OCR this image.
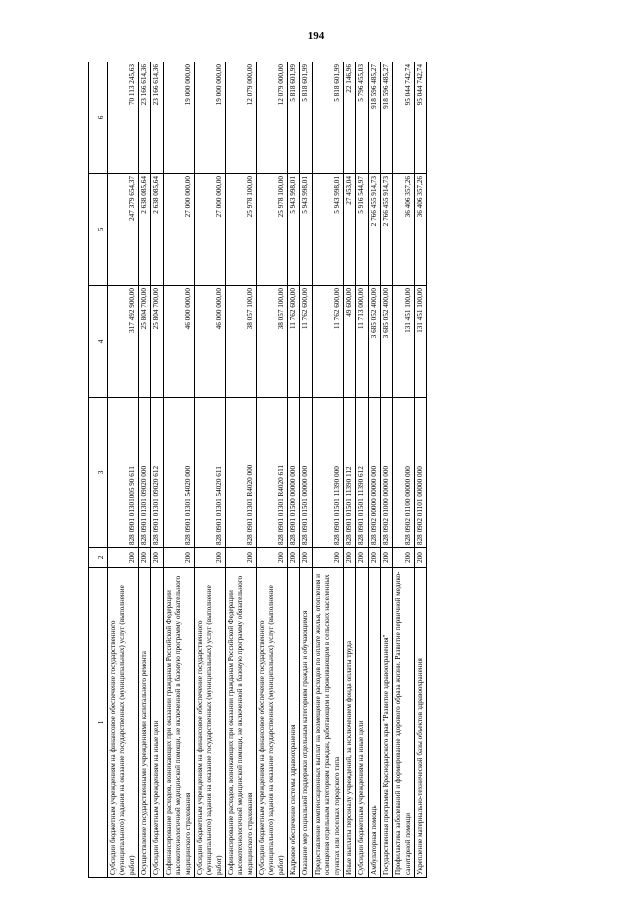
194
1	2	3	4	5	6
Субсидии бюджетным учреждениям на финансовое обеспечение государственного (муниципального) задания на оказание государственных (муниципальных) услуг (выполнение работ)	200	828 0901 01301005 90 611	317 492 900,00	247 379 654,37	70 113 245,63
Осуществление государственными учреждениями капитального ремонта	200	828 0901 01301 09020 000	25 804 700,00	2 638 085,64	23 166 614,36
Субсидии бюджетным учреждениям на иные цели	200	828 0901 01301 09020 612	25 804 700,00	2 638 085,64	23 166 614,36
Софинансирование расходов, возникающих при оказании гражданам Российской Федерации высокотехнологичной медицинской помощи, не включенной в базовую программу обязательного медицинского страхования	200	828 0901 01301 54020 000	46 000 000,00	27 000 000,00	19 000 000,00
Субсидии бюджетным учреждениям на финансовое обеспечение государственного (муниципального) задания на оказание государственных (муниципальных) услуг (выполнение работ)	200	828 0901 01301 54020 611	46 000 000,00	27 000 000,00	19 000 000,00
Софинансирование расходов, возникающих при оказании гражданам Российской Федерации высокотехнологичной медицинской помощи, не включенной в базовую программу обязательного медицинского страхования	200	828 0901 01301 R4020 000	38 057 100,00	25 978 100,00	12 079 000,00
Субсидии бюджетным учреждениям на финансовое обеспечение государственного (муниципального) задания на оказание государственных (муниципальных) услуг (выполнение работ)	200	828 0901 01301 R4020 611	38 057 100,00	25 978 100,00	12 079 000,00
Кадровое обеспечение системы здравоохранения	200	828 0901 01500 00000 000	11 762 600,00	5 943 998,01	5 818 601,99
Оказание мер социальной поддержки отдельным категориям граждан и обучающимся	200	828 0901 01501 00000 000	11 762 600,00	5 943 998,01	5 818 601,99
Предоставление компенсационных выплат на возмещение расходов по оплате жилья, отопления и освещения отдельным категориям граждан, работающим и проживающим в сельских населенных пунктах или поселках городского типа	200	828 0901 01501 11390 000	11 762 600,00	5 943 998,01	5 818 601,99
Иные выплаты персоналу учреждений, за исключением фонда оплаты труда	200	828 0901 01501 11390 112	49 600,00	27 453,04	22 146,96
Субсидии бюджетным учреждениям на иные цели	200	828 0901 01501 11390 612	11 713 000,00	5 916 544,97	5 796 455,03
Амбулаторная помощь	200	828 0902 00000 00000 000	3 685 052 400,00	2 766 455 914,73	918 596 485,27
Государственная программа Краснодарского края "Развитие здравоохранения"	200	828 0902 01000 00000 000	3 685 052 400,00	2 766 455 914,73	918 596 485,27
Профилактика заболеваний и формирование здорового образа жизни. Развитие первичной медико-санитарной помощи	200	828 0902 01100 00000 000	131 451 100,00	36 406 357,26	95 044 742,74
Укрепление материально-технической базы объектов здравоохранения	200	828 0902 01101 00000 000	131 451 100,00	36 406 357,26	95 044 742,74
